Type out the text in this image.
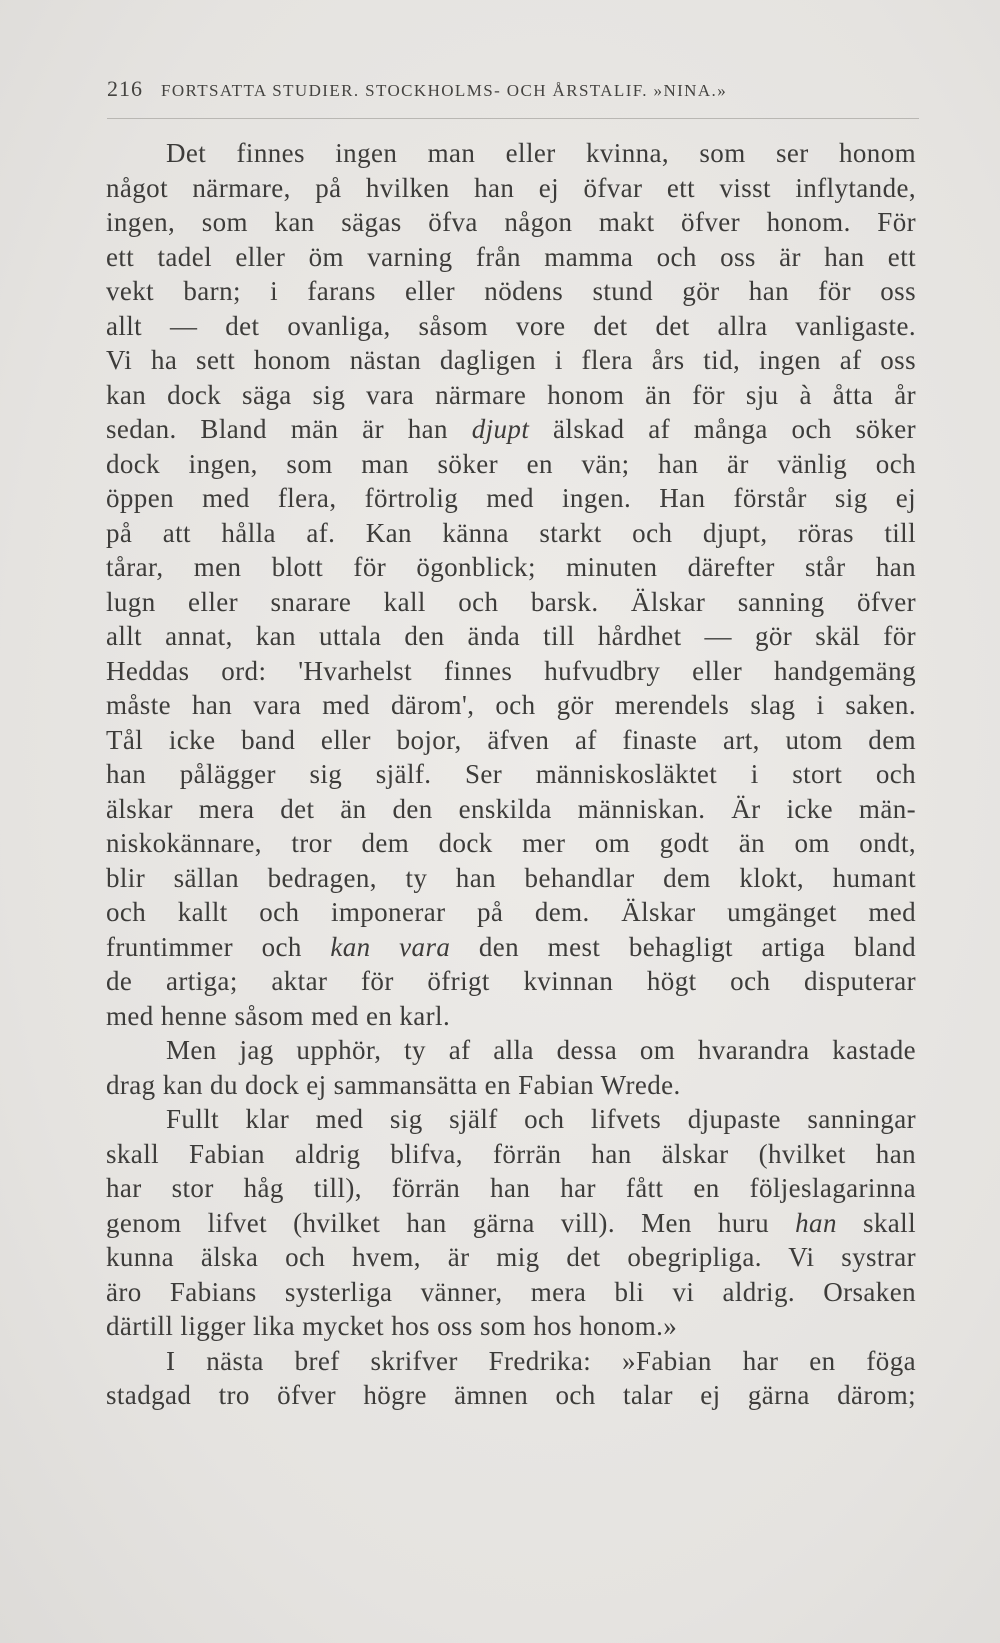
216 FORTSATTA STUDIER. STOCKHOLMS- OCH ÅRSTALIF. »NINA.»
Det finnes ingen man eller kvinna, som ser honom
något närmare, på hvilken han ej öfvar ett visst inflytande,
ingen, som kan sägas öfva någon makt öfver honom. För
ett tadel eller öm varning från mamma och oss är han ett
vekt barn; i farans eller nödens stund gör han för oss
allt — det ovanliga, såsom vore det det allra vanligaste.
Vi ha sett honom nästan dagligen i flera års tid, ingen af oss
kan dock säga sig vara närmare honom än för sju à åtta år
sedan. Bland män är han djupt älskad af många och söker
dock ingen, som man söker en vän; han är vänlig och
öppen med flera, förtrolig med ingen. Han förstår sig ej
på att hålla af. Kan känna starkt och djupt, röras till
tårar, men blott för ögonblick; minuten därefter står han
lugn eller snarare kall och barsk. Älskar sanning öfver
allt annat, kan uttala den ända till hårdhet — gör skäl för
Heddas ord: 'Hvarhelst finnes hufvudbry eller handgemäng
måste han vara med därom', och gör merendels slag i saken.
Tål icke band eller bojor, äfven af finaste art, utom dem
han pålägger sig själf. Ser människosläktet i stort och
älskar mera det än den enskilda människan. Är icke män-
niskokännare, tror dem dock mer om godt än om ondt,
blir sällan bedragen, ty han behandlar dem klokt, humant
och kallt och imponerar på dem. Älskar umgänget med
fruntimmer och kan vara den mest behagligt artiga bland
de artiga; aktar för öfrigt kvinnan högt och disputerar
med henne såsom med en karl.
Men jag upphör, ty af alla dessa om hvarandra kastade
drag kan du dock ej sammansätta en Fabian Wrede.
Fullt klar med sig själf och lifvets djupaste sanningar
skall Fabian aldrig blifva, förrän han älskar (hvilket han
har stor håg till), förrän han har fått en följeslagarinna
genom lifvet (hvilket han gärna vill). Men huru han skall
kunna älska och hvem, är mig det obegripliga. Vi systrar
äro Fabians systerliga vänner, mera bli vi aldrig. Orsaken
därtill ligger lika mycket hos oss som hos honom.»
I nästa bref skrifver Fredrika: »Fabian har en föga
stadgad tro öfver högre ämnen och talar ej gärna därom;
